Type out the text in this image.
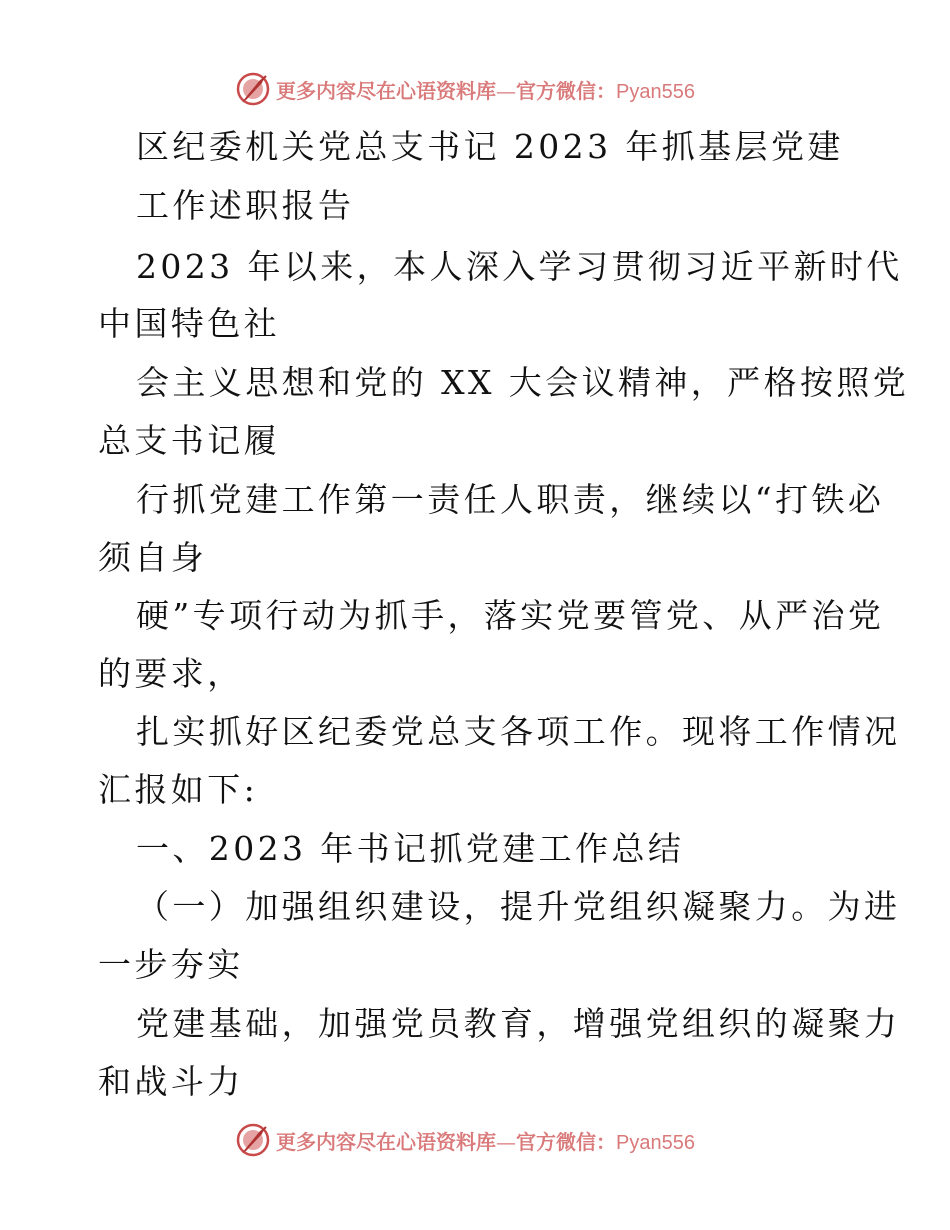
更多内容尽在心语资料库—官方微信：Pyan556
区纪委机关党总支书记 2023 年抓基层党建
工作述职报告
2023 年以来，本人深入学习贯彻习近平新时代
中国特色社
会主义思想和党的 XX 大会议精神，严格按照党
总支书记履
行抓党建工作第一责任人职责，继续以“打铁必
须自身
硬”专项行动为抓手，落实党要管党、从严治党
的要求，
扎实抓好区纪委党总支各项工作。现将工作情况
汇报如下:
一、2023 年书记抓党建工作总结
（一）加强组织建设，提升党组织凝聚力。为进
一步夯实
党建基础，加强党员教育，增强党组织的凝聚力
和战斗力
更多内容尽在心语资料库—官方微信：Pyan556
